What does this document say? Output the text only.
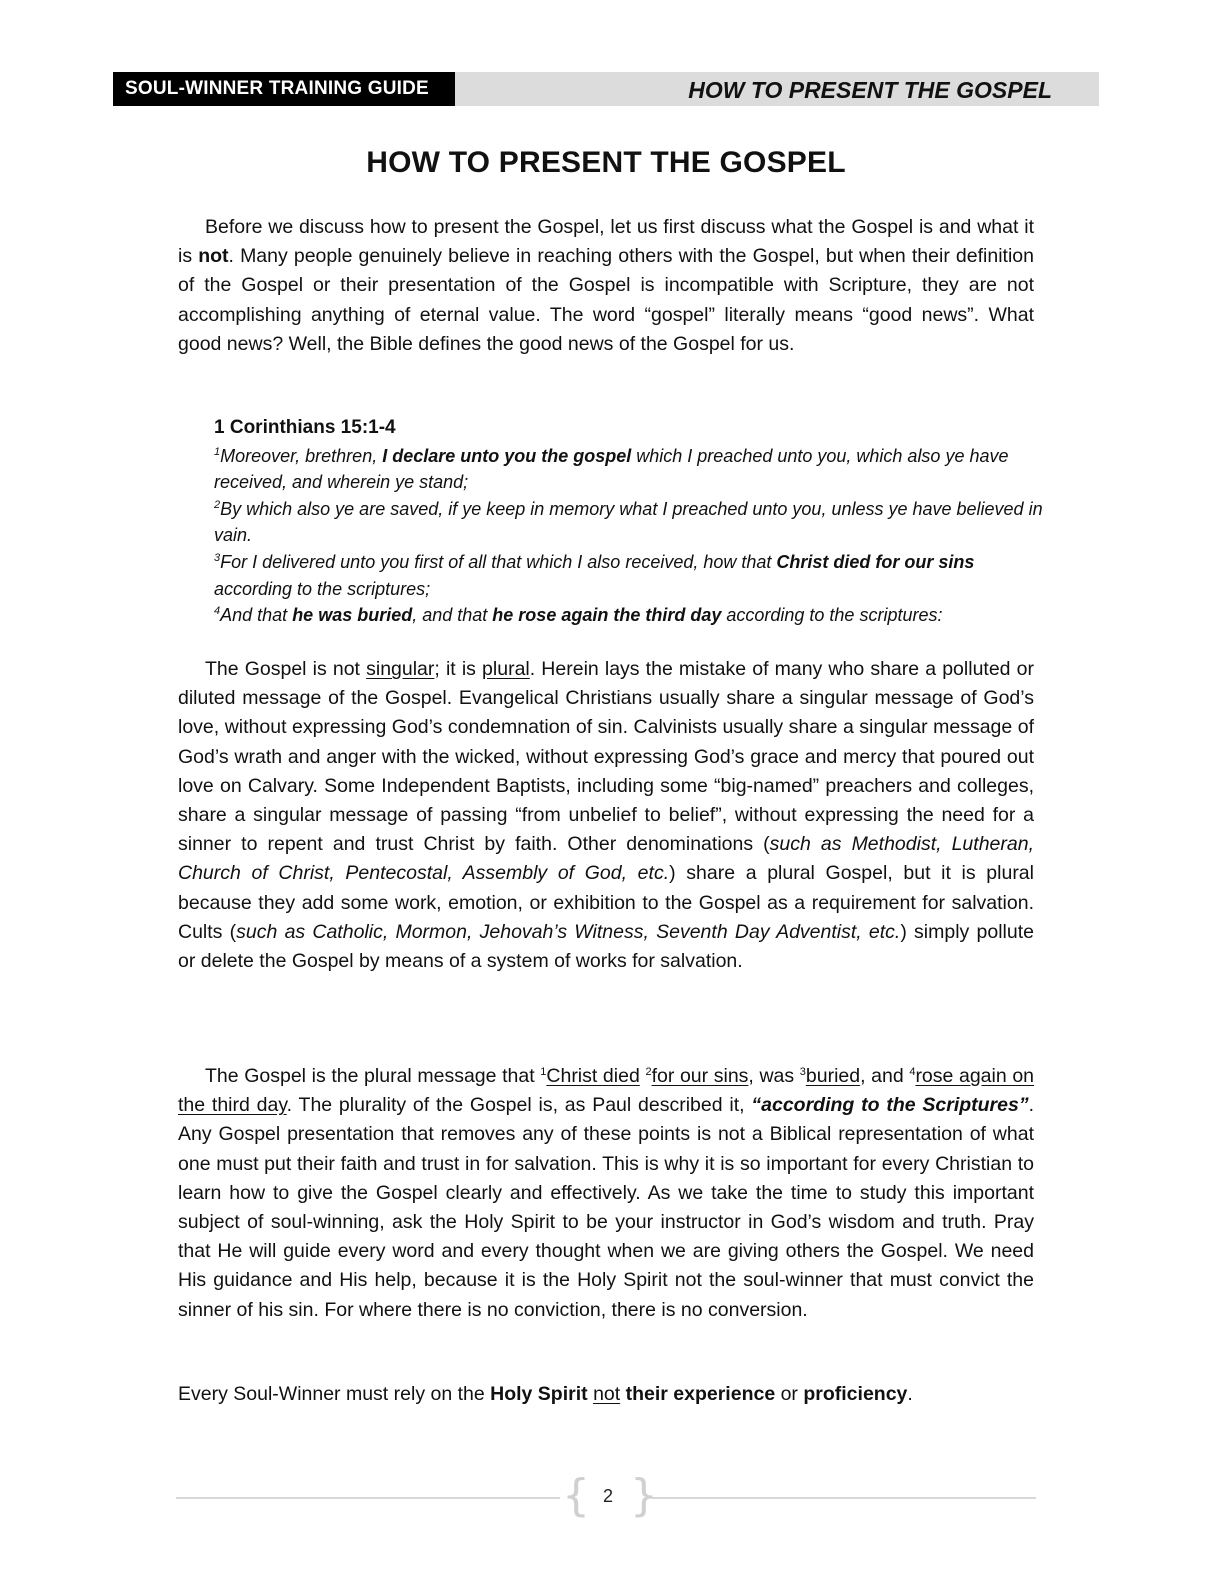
SOUL-WINNER TRAINING GUIDE	HOW TO PRESENT THE GOSPEL
HOW TO PRESENT THE GOSPEL
Before we discuss how to present the Gospel, let us first discuss what the Gospel is and what it is not. Many people genuinely believe in reaching others with the Gospel, but when their definition of the Gospel or their presentation of the Gospel is incompatible with Scripture, they are not accomplishing anything of eternal value. The word “gospel” literally means “good news”. What good news? Well, the Bible defines the good news of the Gospel for us.
1 Corinthians 15:1-4
$^1$Moreover, brethren, I declare unto you the gospel which I preached unto you, which also ye have received, and wherein ye stand;
$^2$By which also ye are saved, if ye keep in memory what I preached unto you, unless ye have believed in vain.
$^3$For I delivered unto you first of all that which I also received, how that Christ died for our sins according to the scriptures;
$^4$And that he was buried, and that he rose again the third day according to the scriptures:
The Gospel is not singular; it is plural. Herein lays the mistake of many who share a polluted or diluted message of the Gospel. Evangelical Christians usually share a singular message of God’s love, without expressing God’s condemnation of sin. Calvinists usually share a singular message of God’s wrath and anger with the wicked, without expressing God’s grace and mercy that poured out love on Calvary. Some Independent Baptists, including some “big-named” preachers and colleges, share a singular message of passing “from unbelief to belief”, without expressing the need for a sinner to repent and trust Christ by faith. Other denominations (such as Methodist, Lutheran, Church of Christ, Pentecostal, Assembly of God, etc.) share a plural Gospel, but it is plural because they add some work, emotion, or exhibition to the Gospel as a requirement for salvation. Cults (such as Catholic, Mormon, Jehovah’s Witness, Seventh Day Adventist, etc.) simply pollute or delete the Gospel by means of a system of works for salvation.
The Gospel is the plural message that $^1$Christ died $^2$for our sins, was $^3$buried, and $^4$rose again on the third day. The plurality of the Gospel is, as Paul described it, “according to the Scriptures”. Any Gospel presentation that removes any of these points is not a Biblical representation of what one must put their faith and trust in for salvation. This is why it is so important for every Christian to learn how to give the Gospel clearly and effectively. As we take the time to study this important subject of soul-winning, ask the Holy Spirit to be your instructor in God’s wisdom and truth. Pray that He will guide every word and every thought when we are giving others the Gospel. We need His guidance and His help, because it is the Holy Spirit not the soul-winner that must convict the sinner of his sin. For where there is no conviction, there is no conversion.
Every Soul-Winner must rely on the Holy Spirit not their experience or proficiency.
{ }
2
